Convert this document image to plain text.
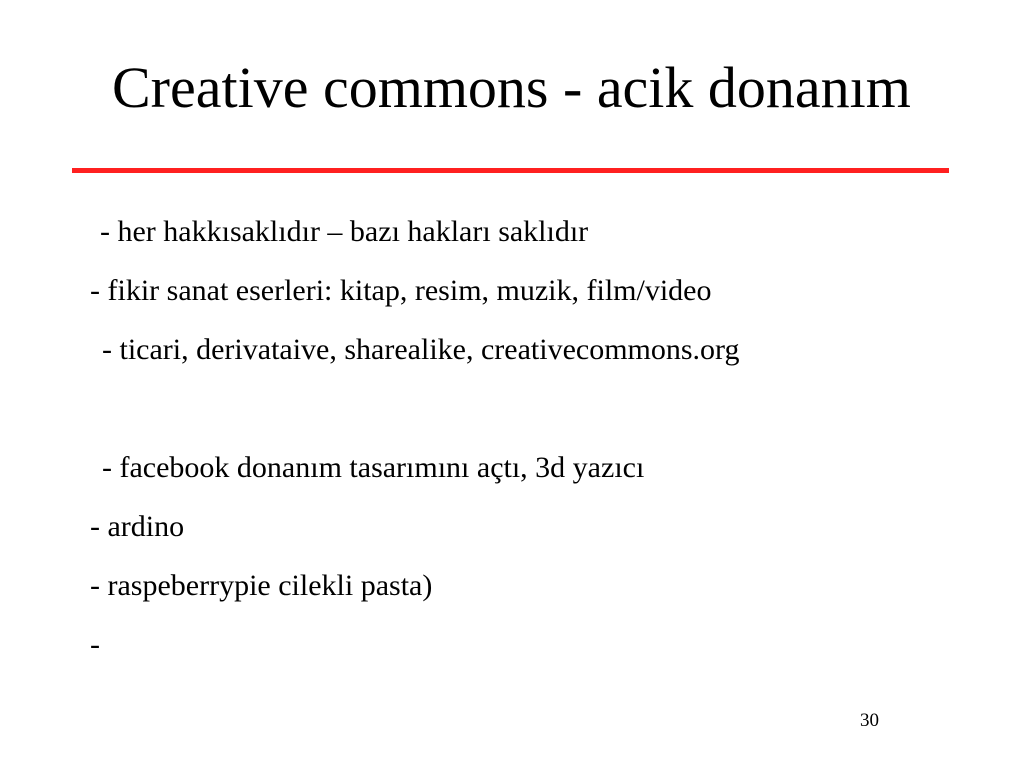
Creative commons - acik donanım
- her hakkısaklıdır – bazı hakları saklıdır
- fikir sanat eserleri: kitap, resim, muzik, film/video
- ticari, derivataive, sharealike, creativecommons.org
- facebook donanım tasarımını açtı, 3d yazıcı
- ardino
- raspeberrypie cilekli pasta)
-
30
